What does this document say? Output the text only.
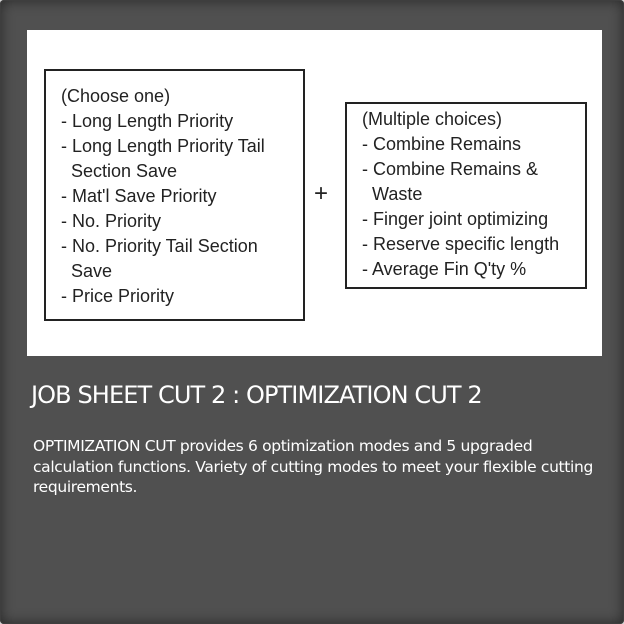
(Choose one)
- Long Length Priority
- Long Length Priority Tail
Section Save
- Mat'l Save Priority
- No. Priority
- No. Priority Tail Section
Save
- Price Priority
+
(Multiple choices)
- Combine Remains
- Combine Remains &
Waste
- Finger joint optimizing
- Reserve specific length
- Average Fin Q'ty %
JOB SHEET CUT 2 : OPTIMIZATION CUT 2
OPTIMIZATION CUT provides 6 optimization modes and 5 upgraded calculation functions. Variety of cutting modes to meet your flexible cutting requirements.
